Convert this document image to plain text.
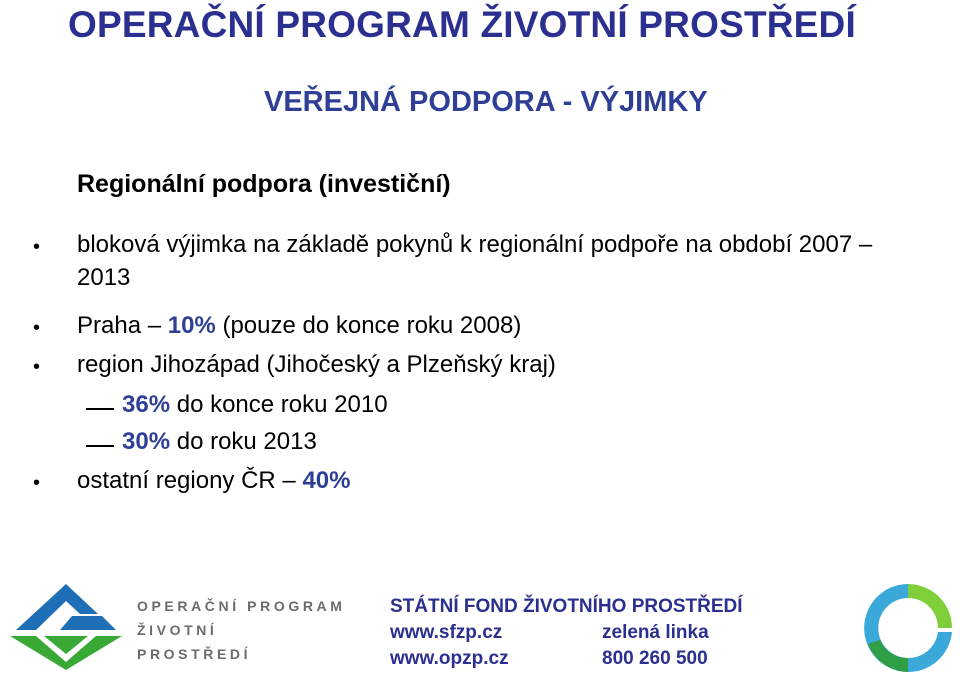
OPERAČNÍ PROGRAM ŽIVOTNÍ PROSTŘEDÍ
VEŘEJNÁ PODPORA - VÝJIMKY
Regionální podpora (investiční)
• bloková výjimka na základě pokynů k regionální podpoře na období 2007 –
2013
• Praha – 10% (pouze do konce roku 2008)
• region Jihozápad (Jihočeský a Plzeňský kraj)
36% do konce roku 2010
30% do roku 2013
• ostatní regiony ČR – 40%
OPERAČNÍ PROGRAM
ŽIVOTNÍ
PROSTŘEDÍ
STÁTNÍ FOND ŽIVOTNÍHO PROSTŘEDÍ
www.sfzp.cz
www.opzp.cz
zelená linka
800 260 500
